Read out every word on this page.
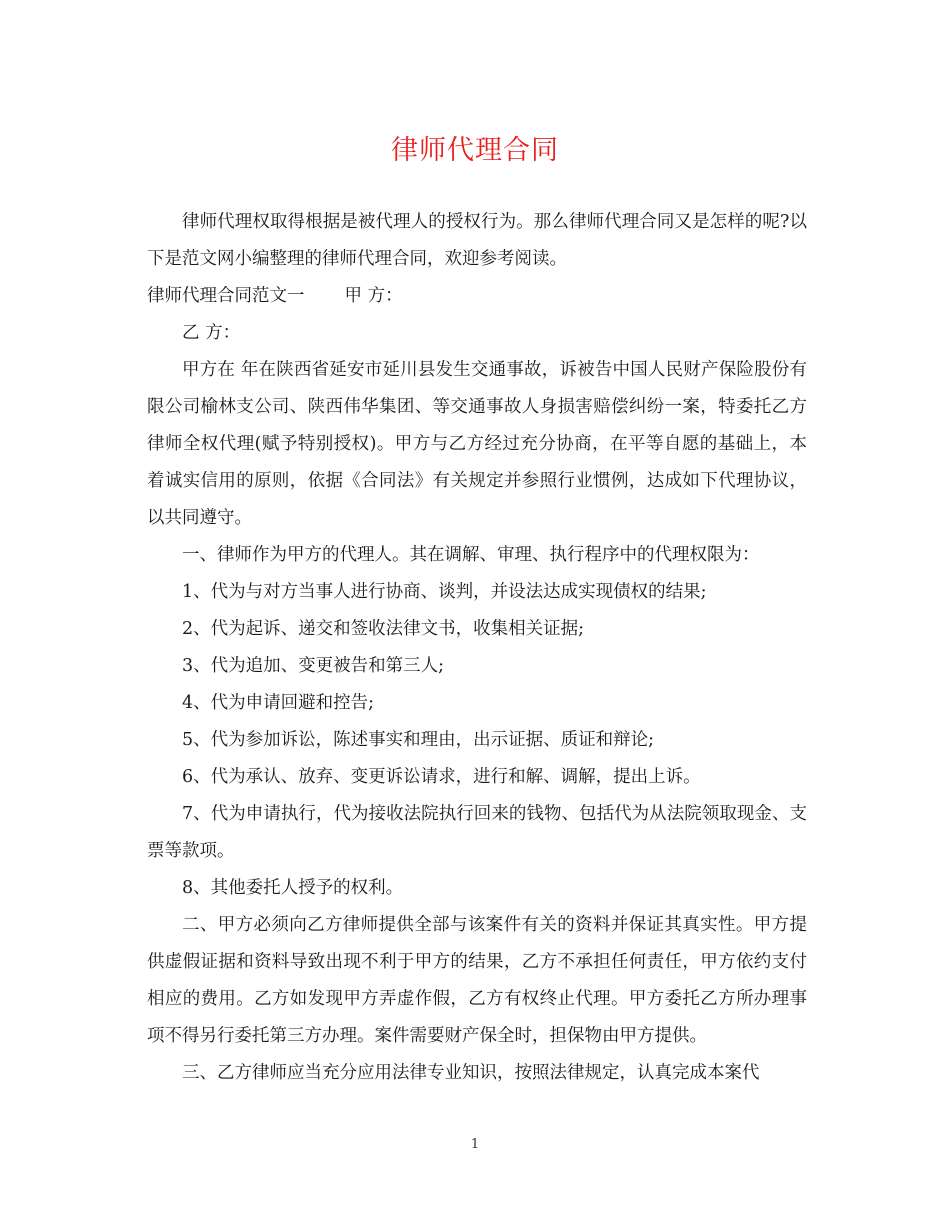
律师代理合同

律师代理权取得根据是被代理人的授权行为。那么律师代理合同又是怎样的呢?以下是范文网小编整理的律师代理合同，欢迎参考阅读。

律师代理合同范文一 甲 方：

乙 方：

甲方在 年在陕西省延安市延川县发生交通事故，诉被告中国人民财产保险股份有限公司榆林支公司、陕西伟华集团、等交通事故人身损害赔偿纠纷一案，特委托乙方律师全权代理(赋予特别授权)。甲方与乙方经过充分协商，在平等自愿的基础上，本着诚实信用的原则，依据《合同法》有关规定并参照行业惯例，达成如下代理协议，以共同遵守。

一、律师作为甲方的代理人。其在调解、审理、执行程序中的代理权限为：

1、代为与对方当事人进行协商、谈判，并设法达成实现债权的结果;

2、代为起诉、递交和签收法律文书，收集相关证据;

3、代为追加、变更被告和第三人;

4、代为申请回避和控告;

5、代为参加诉讼，陈述事实和理由，出示证据、质证和辩论;

6、代为承认、放弃、变更诉讼请求，进行和解、调解，提出上诉。

7、代为申请执行，代为接收法院执行回来的钱物、包括代为从法院领取现金、支票等款项。

8、其他委托人授予的权利。

二、甲方必须向乙方律师提供全部与该案件有关的资料并保证其真实性。甲方提供虚假证据和资料导致出现不利于甲方的结果，乙方不承担任何责任，甲方依约支付相应的费用。乙方如发现甲方弄虚作假，乙方有权终止代理。甲方委托乙方所办理事项不得另行委托第三方办理。案件需要财产保全时，担保物由甲方提供。

三、乙方律师应当充分应用法律专业知识，按照法律规定，认真完成本案代

1
